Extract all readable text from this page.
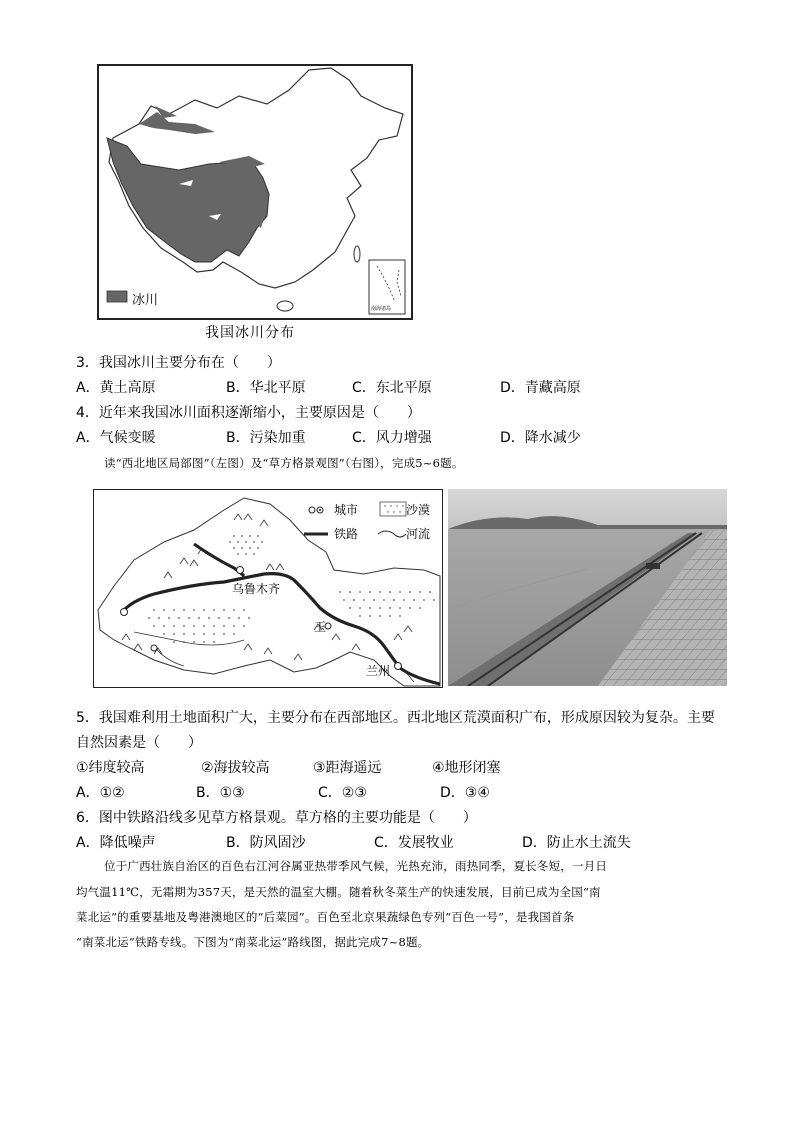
冰川
南海诸岛
我国冰川分布
3．我国冰川主要分布在（　　）
A．黄土高原	B．华北平原	C．东北平原	D．青藏高原
4．近年来我国冰川面积逐渐缩小，主要原因是（　　）
A．气候变暖	B．污染加重	C．风力增强	D．降水减少
读“西北地区局部图”（左图）及“草方格景观图”（右图），完成5~6题。
城市	沙漠
铁路	河流
乌鲁木齐
兰州
玉
5．我国难利用土地面积广大，主要分布在西部地区。西北地区荒漠面积广布，形成原因较为复杂。主要
自然因素是（　　）
①纬度较高	②海拔较高	③距海遥远	④地形闭塞
A．①②	B．①③	C．②③	D．③④
6．图中铁路沿线多见草方格景观。草方格的主要功能是（　　）
A．降低噪声	B．防风固沙	C．发展牧业	D．防止水土流失
位于广西壮族自治区的百色右江河谷属亚热带季风气候，光热充沛，雨热同季，夏长冬短，一月日
均气温11℃，无霜期为357天，是天然的温室大棚。随着秋冬菜生产的快速发展，目前已成为全国“南
菜北运”的重要基地及粤港澳地区的“后菜园”。百色至北京果蔬绿色专列“百色一号”，是我国首条
“南菜北运”铁路专线。下图为“南菜北运”路线图，据此完成7~8题。
